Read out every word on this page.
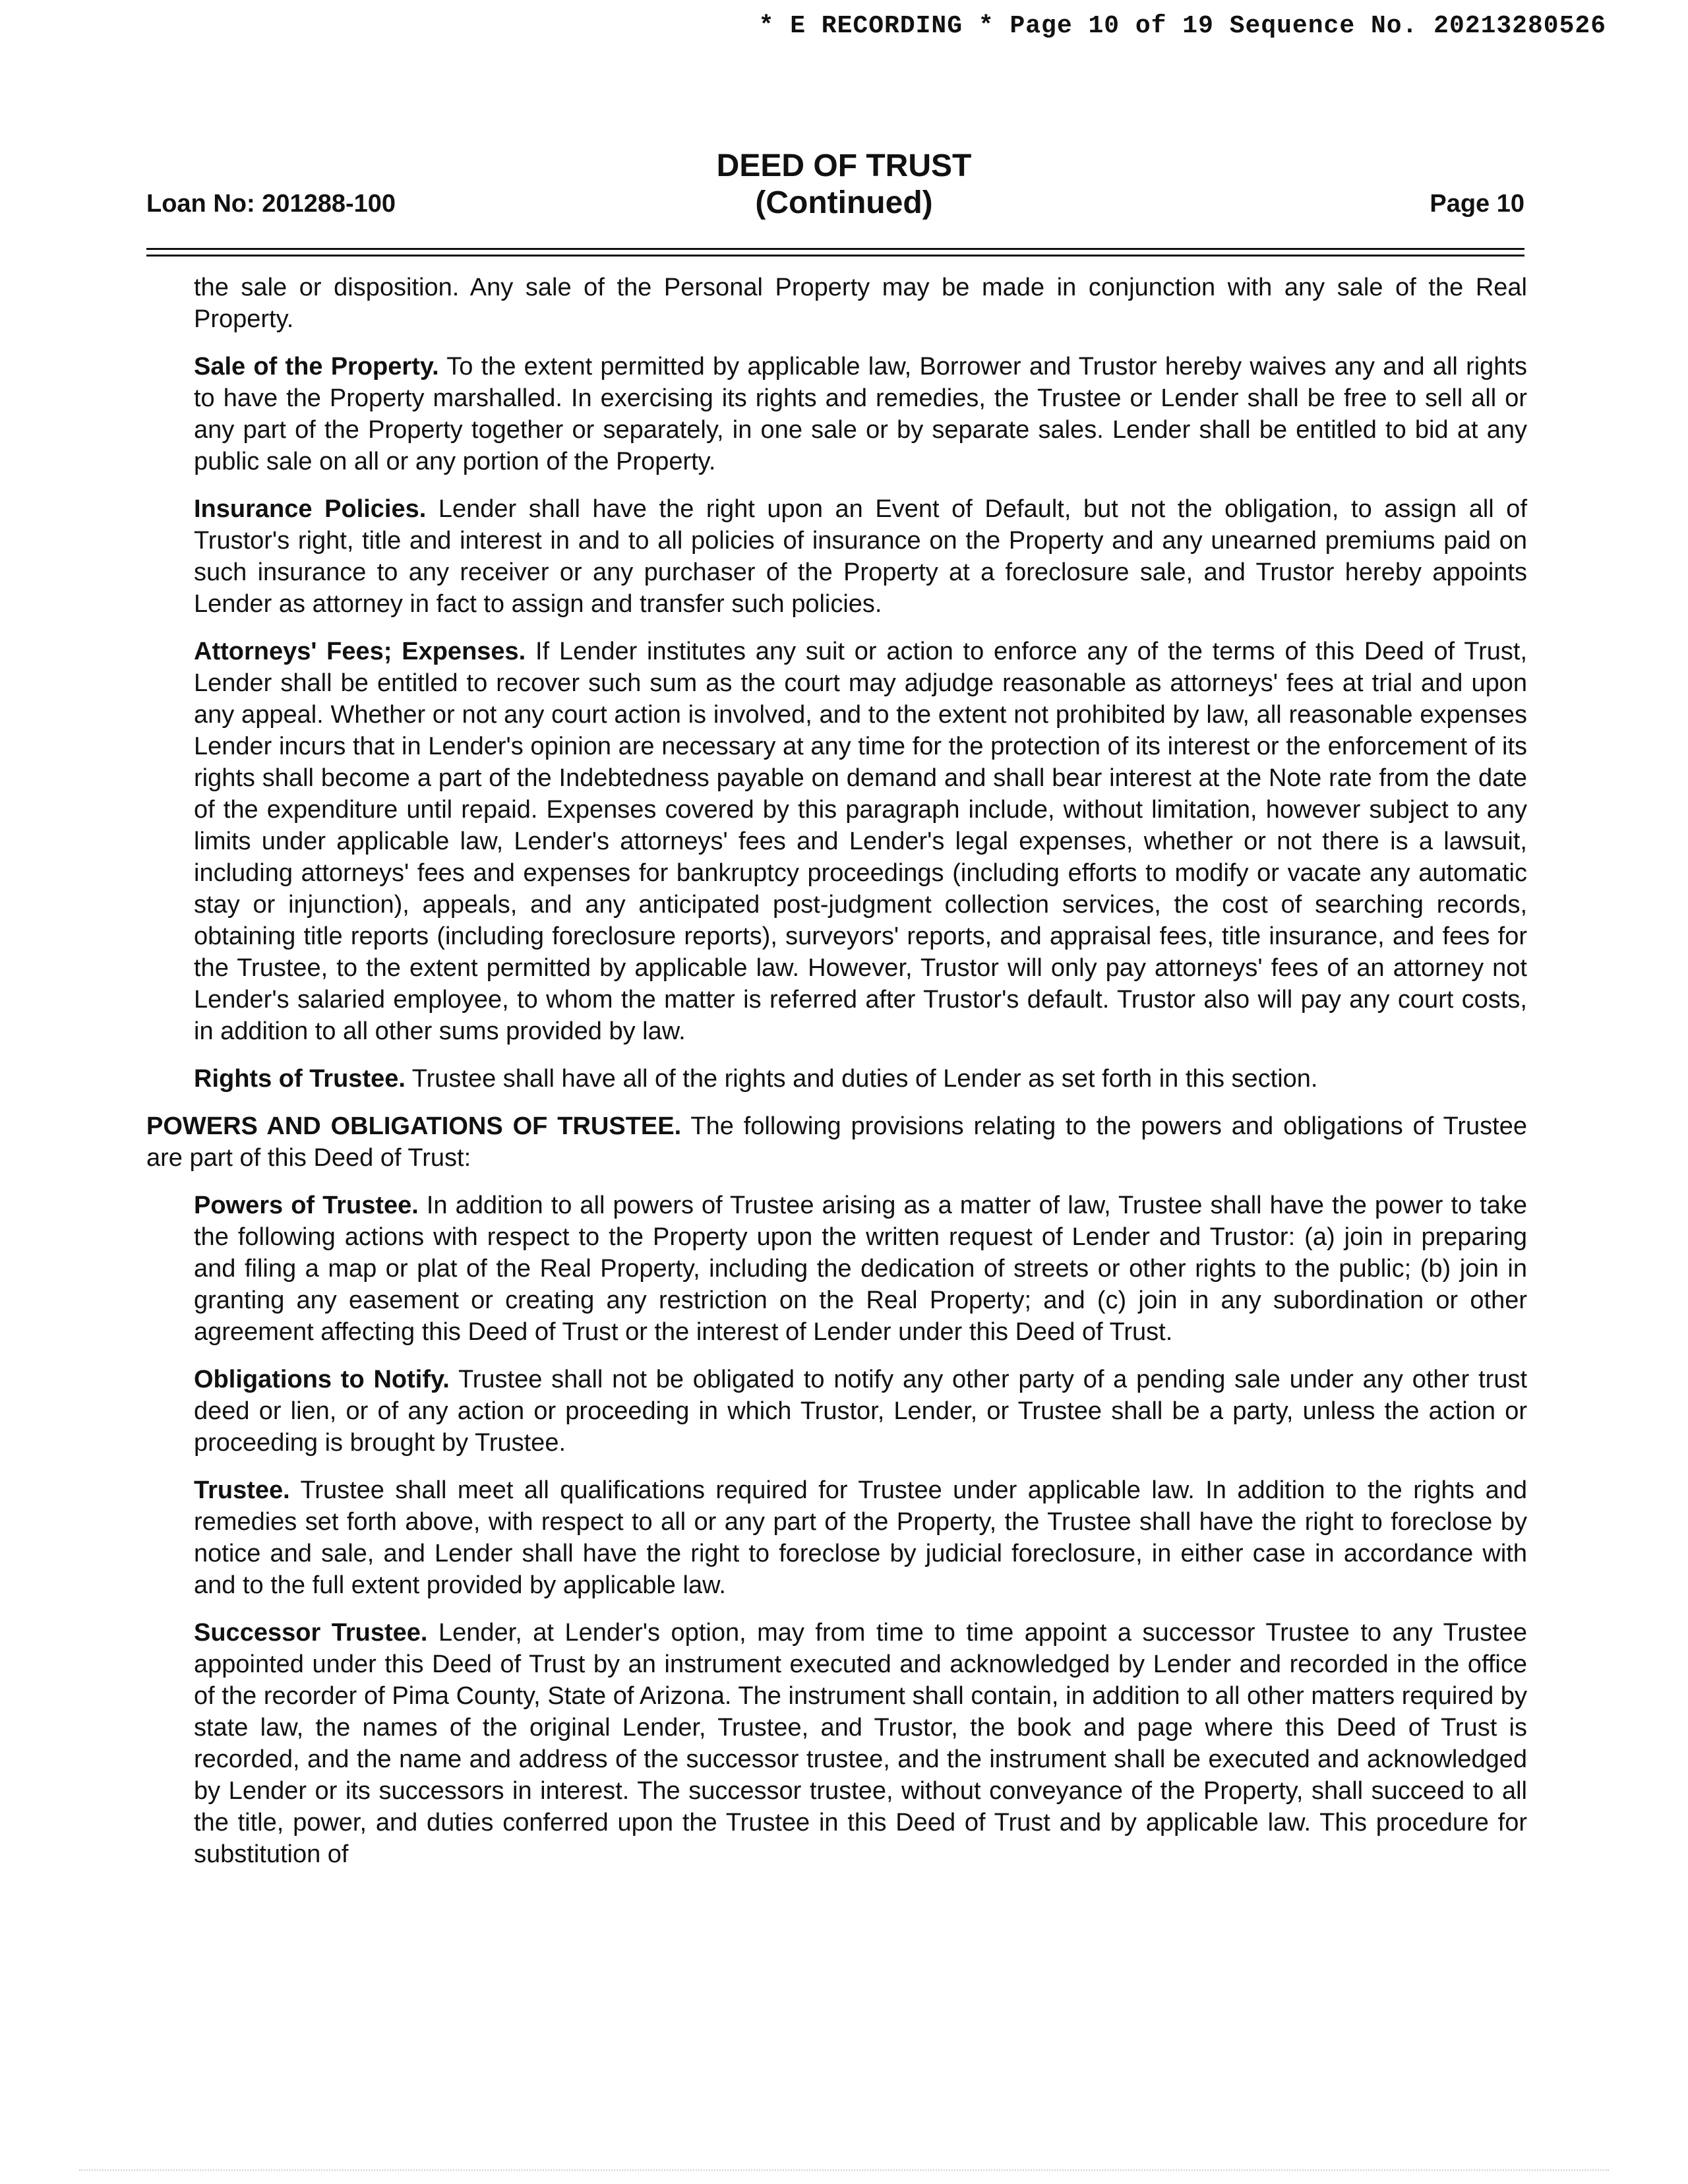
* E RECORDING * Page 10 of 19 Sequence No. 20213280526
Loan No: 201288-100
DEED OF TRUST
(Continued)	Page 10

the sale or disposition. Any sale of the Personal Property may be made in conjunction with any sale of the Real Property.

Sale of the Property. To the extent permitted by applicable law, Borrower and Trustor hereby waives any and all rights to have the Property marshalled. In exercising its rights and remedies, the Trustee or Lender shall be free to sell all or any part of the Property together or separately, in one sale or by separate sales. Lender shall be entitled to bid at any public sale on all or any portion of the Property.

Insurance Policies. Lender shall have the right upon an Event of Default, but not the obligation, to assign all of Trustor's right, title and interest in and to all policies of insurance on the Property and any unearned premiums paid on such insurance to any receiver or any purchaser of the Property at a foreclosure sale, and Trustor hereby appoints Lender as attorney in fact to assign and transfer such policies.

Attorneys' Fees; Expenses. If Lender institutes any suit or action to enforce any of the terms of this Deed of Trust, Lender shall be entitled to recover such sum as the court may adjudge reasonable as attorneys' fees at trial and upon any appeal. Whether or not any court action is involved, and to the extent not prohibited by law, all reasonable expenses Lender incurs that in Lender's opinion are necessary at any time for the protection of its interest or the enforcement of its rights shall become a part of the Indebtedness payable on demand and shall bear interest at the Note rate from the date of the expenditure until repaid. Expenses covered by this paragraph include, without limitation, however subject to any limits under applicable law, Lender's attorneys' fees and Lender's legal expenses, whether or not there is a lawsuit, including attorneys' fees and expenses for bankruptcy proceedings (including efforts to modify or vacate any automatic stay or injunction), appeals, and any anticipated post-judgment collection services, the cost of searching records, obtaining title reports (including foreclosure reports), surveyors' reports, and appraisal fees, title insurance, and fees for the Trustee, to the extent permitted by applicable law. However, Trustor will only pay attorneys' fees of an attorney not Lender's salaried employee, to whom the matter is referred after Trustor's default. Trustor also will pay any court costs, in addition to all other sums provided by law.

Rights of Trustee. Trustee shall have all of the rights and duties of Lender as set forth in this section.

POWERS AND OBLIGATIONS OF TRUSTEE. The following provisions relating to the powers and obligations of Trustee are part of this Deed of Trust:

Powers of Trustee. In addition to all powers of Trustee arising as a matter of law, Trustee shall have the power to take the following actions with respect to the Property upon the written request of Lender and Trustor: (a) join in preparing and filing a map or plat of the Real Property, including the dedication of streets or other rights to the public; (b) join in granting any easement or creating any restriction on the Real Property; and (c) join in any subordination or other agreement affecting this Deed of Trust or the interest of Lender under this Deed of Trust.

Obligations to Notify. Trustee shall not be obligated to notify any other party of a pending sale under any other trust deed or lien, or of any action or proceeding in which Trustor, Lender, or Trustee shall be a party, unless the action or proceeding is brought by Trustee.

Trustee. Trustee shall meet all qualifications required for Trustee under applicable law. In addition to the rights and remedies set forth above, with respect to all or any part of the Property, the Trustee shall have the right to foreclose by notice and sale, and Lender shall have the right to foreclose by judicial foreclosure, in either case in accordance with and to the full extent provided by applicable law.

Successor Trustee. Lender, at Lender's option, may from time to time appoint a successor Trustee to any Trustee appointed under this Deed of Trust by an instrument executed and acknowledged by Lender and recorded in the office of the recorder of Pima County, State of Arizona. The instrument shall contain, in addition to all other matters required by state law, the names of the original Lender, Trustee, and Trustor, the book and page where this Deed of Trust is recorded, and the name and address of the successor trustee, and the instrument shall be executed and acknowledged by Lender or its successors in interest. The successor trustee, without conveyance of the Property, shall succeed to all the title, power, and duties conferred upon the Trustee in this Deed of Trust and by applicable law. This procedure for substitution of
